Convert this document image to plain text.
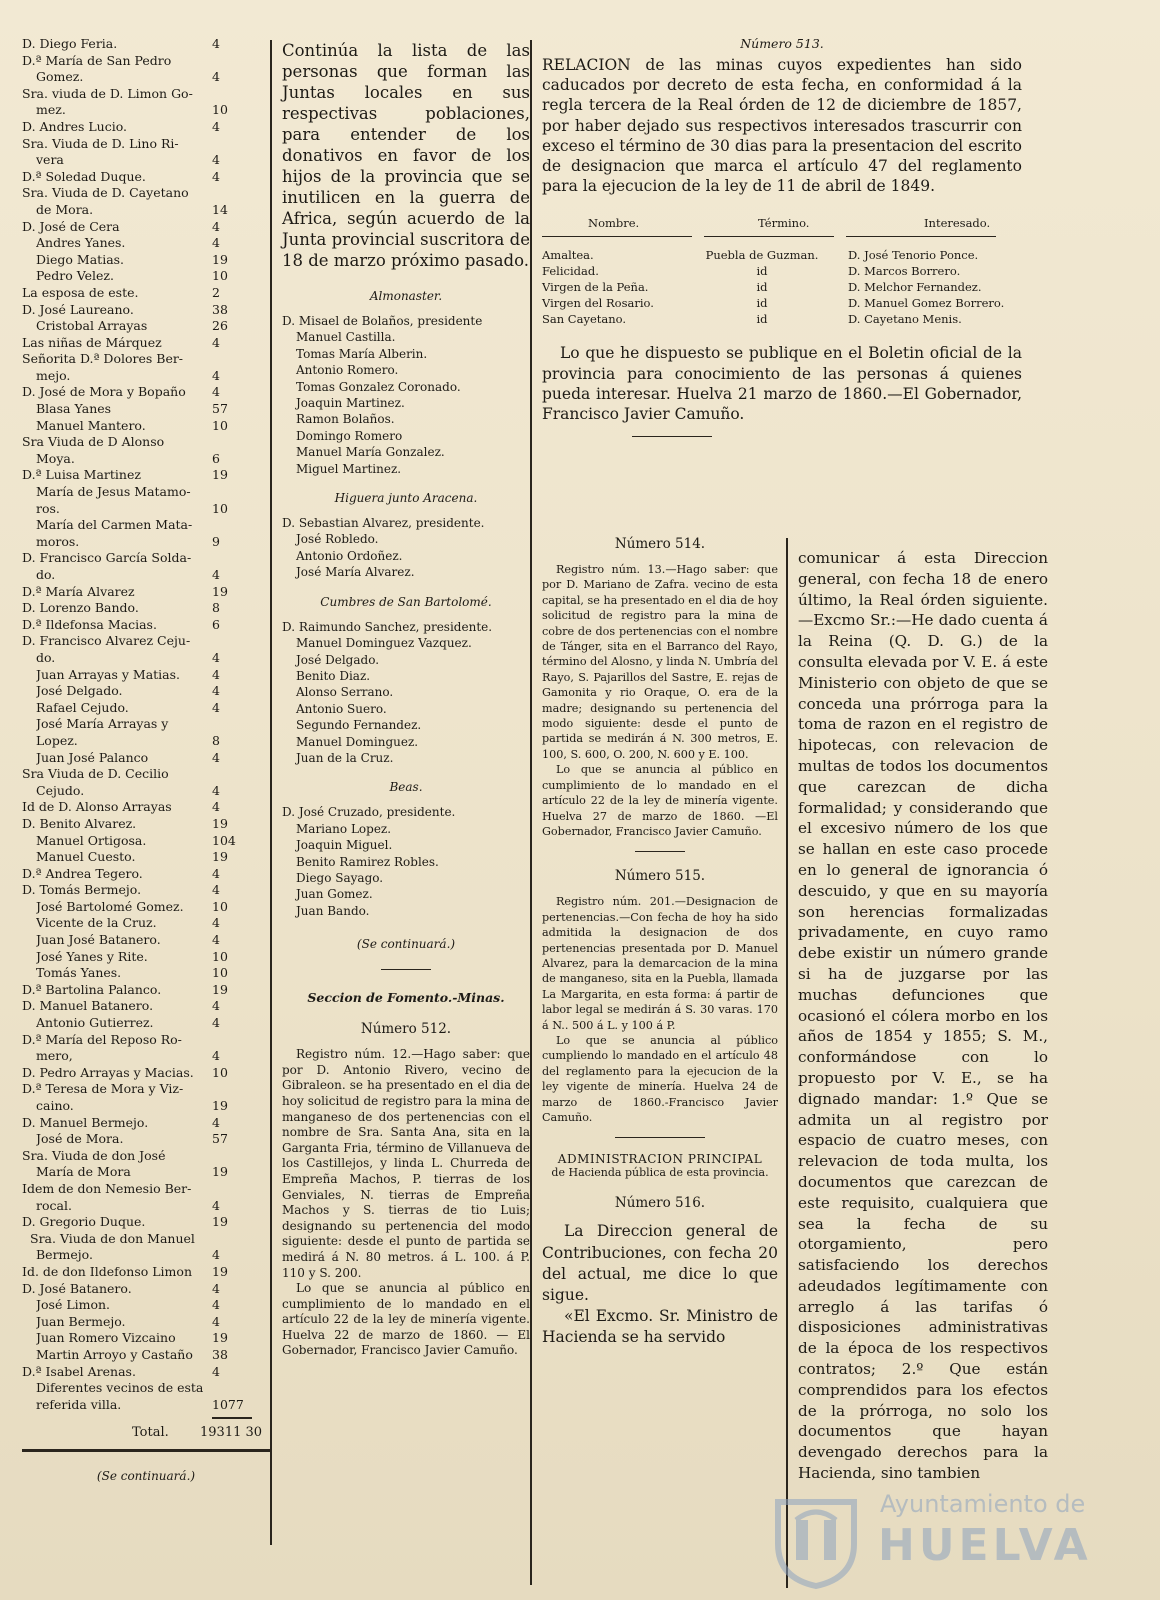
D. Diego Feria.	4
D.ª María de San Pedro
Gomez.	4
Sra. viuda de D. Limon Go-
mez.	10
D. Andres Lucio.	4
Sra. Viuda de D. Lino Ri-
vera	4
D.ª Soledad Duque.	4
Sra. Viuda de D. Cayetano
de Mora.	14
D. José de Cera	4
Andres Yanes.	4
Diego Matias.	19
Pedro Velez.	10
La esposa de este.	2
D. José Laureano.	38
Cristobal Arrayas	26
Las niñas de Márquez	4
Señorita D.ª Dolores Ber-
mejo.	4
D. José de Mora y Bopaño	4
Blasa Yanes	57
Manuel Mantero.	10
Sra Viuda de D Alonso
Moya.	6
D.ª Luisa Martinez	19
María de Jesus Matamo-
ros.	10
María del Carmen Mata-
moros.	9
D. Francisco García Solda-
do.	4
D.ª María Alvarez	19
D. Lorenzo Bando.	8
D.ª Ildefonsa Macias.	6
D. Francisco Alvarez Ceju-
do.	4
Juan Arrayas y Matias.	4
José Delgado.	4
Rafael Cejudo.	4
José María Arrayas y
Lopez.	8
Juan José Palanco	4
Sra Viuda de D. Cecilio
Cejudo.	4
Id de D. Alonso Arrayas	4
D. Benito Alvarez.	19
Manuel Ortigosa.	104
Manuel Cuesto.	19
D.ª Andrea Tegero.	4
D. Tomás Bermejo.	4
José Bartolomé Gomez.	10
Vicente de la Cruz.	4
Juan José Batanero.	4
José Yanes y Rite.	10
Tomás Yanes.	10
D.ª Bartolina Palanco.	19
D. Manuel Batanero.	4
Antonio Gutierrez.	4
D.ª María del Reposo Ro-
mero,	4
D. Pedro Arrayas y Macias.	10
D.ª Teresa de Mora y Viz-
caino.	19
D. Manuel Bermejo.	4
José de Mora.	57
Sra. Viuda de don José
María de Mora	19
Idem de don Nemesio Ber-
rocal.	4
D. Gregorio Duque.	19
Sra. Viuda de don Manuel
Bermejo.	4
Id. de don Ildefonso Limon	19
D. José Batanero.	4
José Limon.	4
Juan Bermejo.	4
Juan Romero Vizcaino	19
Martin Arroyo y Castaño	38
D.ª Isabel Arenas.	4
Diferentes vecinos de esta
referida villa.	1077
Total.	19311 30
(Se continuará.)
Continúa la lista de las personas que forman las Juntas locales en sus respectivas poblaciones, para entender de los donativos en favor de los hijos de la provincia que se inutilicen en la guerra de Africa, según acuerdo de la Junta provincial suscritora de 18 de marzo próximo pasado.
Almonaster.
D. Misael de Bolaños, presidente
Manuel Castilla.
Tomas María Alberin.
Antonio Romero.
Tomas Gonzalez Coronado.
Joaquin Martinez.
Ramon Bolaños.
Domingo Romero
Manuel María Gonzalez.
Miguel Martinez.
Higuera junto Aracena.
D. Sebastian Alvarez, presidente.
José Robledo.
Antonio Ordoñez.
José María Alvarez.
Cumbres de San Bartolomé.
D. Raimundo Sanchez, presidente.
Manuel Dominguez Vazquez.
José Delgado.
Benito Diaz.
Alonso Serrano.
Antonio Suero.
Segundo Fernandez.
Manuel Dominguez.
Juan de la Cruz.
Beas.
D. José Cruzado, presidente.
Mariano Lopez.
Joaquin Miguel.
Benito Ramirez Robles.
Diego Sayago.
Juan Gomez.
Juan Bando.
(Se continuará.)
Seccion de Fomento.-Minas.
Número 512.
Registro núm. 12.—Hago saber: que por D. Antonio Rivero, vecino de Gibraleon. se ha presentado en el dia de hoy solicitud de registro para la mina de manganeso de dos pertenencias con el nombre de Sra. Santa Ana, sita en la Garganta Fria, término de Villanueva de los Castillejos, y linda L. Churreda de Empreña Machos, P. tierras de los Genviales, N. tierras de Empreña Machos y S. tierras de tio Luis; designando su pertenencia del modo siguiente: desde el punto de partida se medirá á N. 80 metros. á L. 100. á P. 110 y S. 200.
Lo que se anuncia al público en cumplimiento de lo mandado en el artículo 22 de la ley de minería vigente. Huelva 22 de marzo de 1860. — El Gobernador, Francisco Javier Camuño.
Número 513.
RELACION de las minas cuyos expedientes han sido caducados por decreto de esta fecha, en conformidad á la regla tercera de la Real órden de 12 de diciembre de 1857, por haber dejado sus respectivos interesados trascurrir con exceso el término de 30 dias para la presentacion del escrito de designacion que marca el artículo 47 del reglamento para la ejecucion de la ley de 11 de abril de 1849.
Nombre.	Término.	Interesado.
Amaltea.	Puebla de Guzman.	D. José Tenorio Ponce.
Felicidad.	id	D. Marcos Borrero.
Virgen de la Peña.	id	D. Melchor Fernandez.
Virgen del Rosario.	id	D. Manuel Gomez Borrero.
San Cayetano.	id	D. Cayetano Menis.
Lo que he dispuesto se publique en el Boletin oficial de la provincia para conocimiento de las personas á quienes pueda interesar. Huelva 21 marzo de 1860.—El Gobernador, Francisco Javier Camuño.
Número 514.
Registro núm. 13.—Hago saber: que por D. Mariano de Zafra. vecino de esta capital, se ha presentado en el dia de hoy solicitud de registro para la mina de cobre de dos pertenencias con el nombre de Tánger, sita en el Barranco del Rayo, término del Alosno, y linda N. Umbría del Rayo, S. Pajarillos del Sastre, E. rejas de Gamonita y rio Oraque, O. era de la madre; designando su pertenencia del modo siguiente: desde el punto de partida se medirán á N. 300 metros, E. 100, S. 600, O. 200, N. 600 y E. 100.
Lo que se anuncia al público en cumplimiento de lo mandado en el artículo 22 de la ley de minería vigente. Huelva 27 de marzo de 1860. —El Gobernador, Francisco Javier Camuño.
Número 515.
Registro núm. 201.—Designacion de pertenencias.—Con fecha de hoy ha sido admitida la designacion de dos pertenencias presentada por D. Manuel Alvarez, para la demarcacion de la mina de manganeso, sita en la Puebla, llamada La Margarita, en esta forma: á partir de labor legal se medirán á S. 30 varas. 170 á N.. 500 á L. y 100 á P.
Lo que se anuncia al público cumpliendo lo mandado en el artículo 48 del reglamento para la ejecucion de la ley vigente de minería. Huelva 24 de marzo de 1860.-Francisco Javier Camuño.
ADMINISTRACION PRINCIPAL
de Hacienda pública de esta provincia.
Número 516.
La Direccion general de Contribuciones, con fecha 20 del actual, me dice lo que sigue.
«El Excmo. Sr. Ministro de Hacienda se ha servido
comunicar á esta Direccion general, con fecha 18 de enero último, la Real órden siguiente.—Excmo Sr.:—He dado cuenta á la Reina (Q. D. G.) de la consulta elevada por V. E. á este Ministerio con objeto de que se conceda una prórroga para la toma de razon en el registro de hipotecas, con relevacion de multas de todos los documentos que carezcan de dicha formalidad; y considerando que el excesivo número de los que se hallan en este caso procede en lo general de ignorancia ó descuido, y que en su mayoría son herencias formalizadas privadamente, en cuyo ramo debe existir un número grande si ha de juzgarse por las muchas defunciones que ocasionó el cólera morbo en los años de 1854 y 1855; S. M., conformándose con lo propuesto por V. E., se ha dignado mandar: 1.º Que se admita un al registro por espacio de cuatro meses, con relevacion de toda multa, los documentos que carezcan de este requisito, cualquiera que sea la fecha de su otorgamiento, pero satisfaciendo los derechos adeudados legítimamente con arreglo á las tarifas ó disposiciones administrativas de la época de los respectivos contratos; 2.º Que están comprendidos para los efectos de la prórroga, no solo los documentos que hayan devengado derechos para la Hacienda, sino tambien
Ayuntamiento de
HUELVA
